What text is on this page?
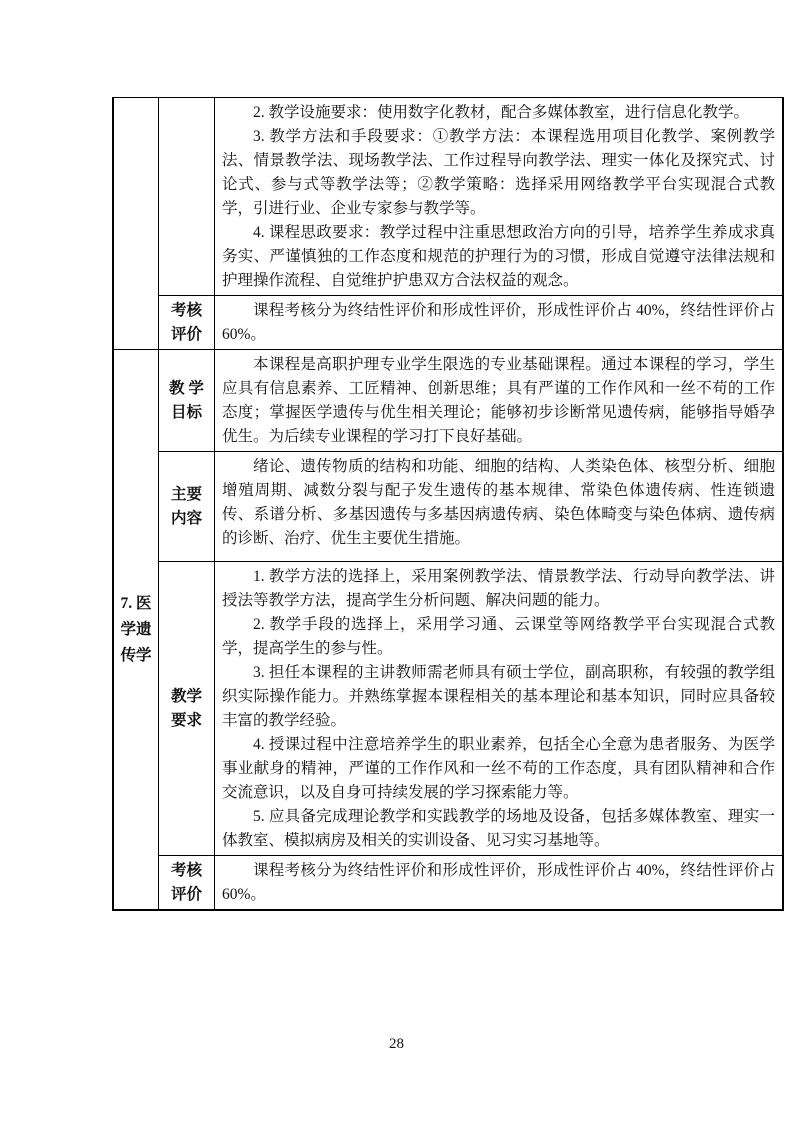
2. 教学设施要求：使用数字化教材，配合多媒体教室，进行信息化教学。

3. 教学方法和手段要求：①教学方法：本课程选用项目化教学、案例教学法、情景教学法、现场教学法、工作过程导向教学法、理实一体化及探究式、讨论式、参与式等教学法等；②教学策略：选择采用网络教学平台实现混合式教学，引进行业、企业专家参与教学等。

4. 课程思政要求：教学过程中注重思想政治方向的引导，培养学生养成求真务实、严谨慎独的工作态度和规范的护理行为的习惯，形成自觉遵守法律法规和护理操作流程、自觉维护护患双方合法权益的观念。

考核
评价

课程考核分为终结性评价和形成性评价，形成性评价占 40%，终结性评价占 60%。

7. 医
学遗
传学
教 学
目标

本课程是高职护理专业学生限选的专业基础课程。通过本课程的学习，学生应具有信息素养、工匠精神、创新思维；具有严谨的工作作风和一丝不苟的工作态度；掌握医学遗传与优生相关理论；能够初步诊断常见遗传病，能够指导婚孕优生。为后续专业课程的学习打下良好基础。

主要
内容

绪论、遗传物质的结构和功能、细胞的结构、人类染色体、核型分析、细胞增殖周期、减数分裂与配子发生遗传的基本规律、常染色体遗传病、性连锁遗传、系谱分析、多基因遗传与多基因病遗传病、染色体畸变与染色体病、遗传病的诊断、治疗、优生主要优生措施。

教学
要求

1. 教学方法的选择上，采用案例教学法、情景教学法、行动导向教学法、讲授法等教学方法，提高学生分析问题、解决问题的能力。

2. 教学手段的选择上，采用学习通、云课堂等网络教学平台实现混合式教学，提高学生的参与性。

3. 担任本课程的主讲教师需老师具有硕士学位，副高职称，有较强的教学组织实际操作能力。并熟练掌握本课程相关的基本理论和基本知识，同时应具备较丰富的教学经验。

4. 授课过程中注意培养学生的职业素养，包括全心全意为患者服务、为医学事业献身的精神，严谨的工作作风和一丝不苟的工作态度，具有团队精神和合作交流意识，以及自身可持续发展的学习探索能力等。

5. 应具备完成理论教学和实践教学的场地及设备，包括多媒体教室、理实一体教室、模拟病房及相关的实训设备、见习实习基地等。

考核
评价

课程考核分为终结性评价和形成性评价，形成性评价占 40%，终结性评价占 60%。

28
